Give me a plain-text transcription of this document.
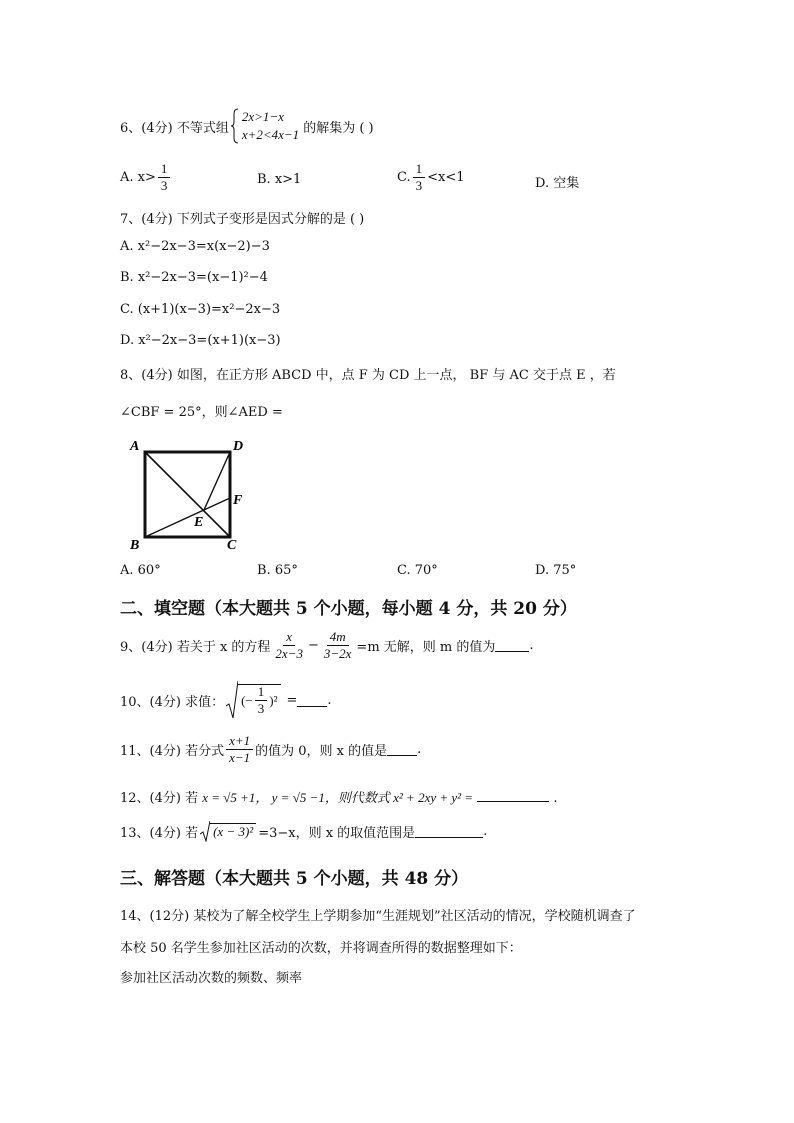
6、(4分) 不等式组
2x>1−x
x+2<4x−1 的解集为 ( )
A. $x> \frac{1}{3}$	B. x>1	C. $\frac{1}{3} <x<1$	D. 空集
7、(4分) 下列式子变形是因式分解的是 ( )
A. x²−2x−3=x(x−2)−3
B. x²−2x−3=(x−1)²−4
C. (x+1)(x−3)=x²−2x−3
D. x²−2x−3=(x+1)(x−3)
8、(4分) 如图，在正方形 ABCD 中，点 F 为 CD 上一点， BF 与 AC 交于点 E ，若
∠CBF = 25°，则∠AED =
A	D
F
E
B	C
A. 60°	B. 65°	C. 70°	D. 75°
二、填空题（本大题共 5 个小题，每小题 4 分，共 20 分）
9、(4分) 若关于 x 的方程 $\frac{x}{2x-3} - \frac{4m}{3-2x} =m$ 无解，则 m 的值为	.
10、(4分) 求值： (− $\frac{1}{3} )^2$ = .
11、(4分) 若分式 $\frac{x+1}{x-1}$ 的值为 0，则 x 的值是 .
12、(4分) 若 x = √5 +1， y = √5 −1，则代数式 x² + 2xy + y² =	.
13、(4分) 若 (x − 3)² =3−x，则 x 的取值范围是	.
三、解答题（本大题共 5 个小题，共 48 分）
14、(12分) 某校为了解全校学生上学期参加“生涯规划”社区活动的情况，学校随机调查了
本校 50 名学生参加社区活动的次数，并将调查所得的数据整理如下：
参加社区活动次数的频数、频率
